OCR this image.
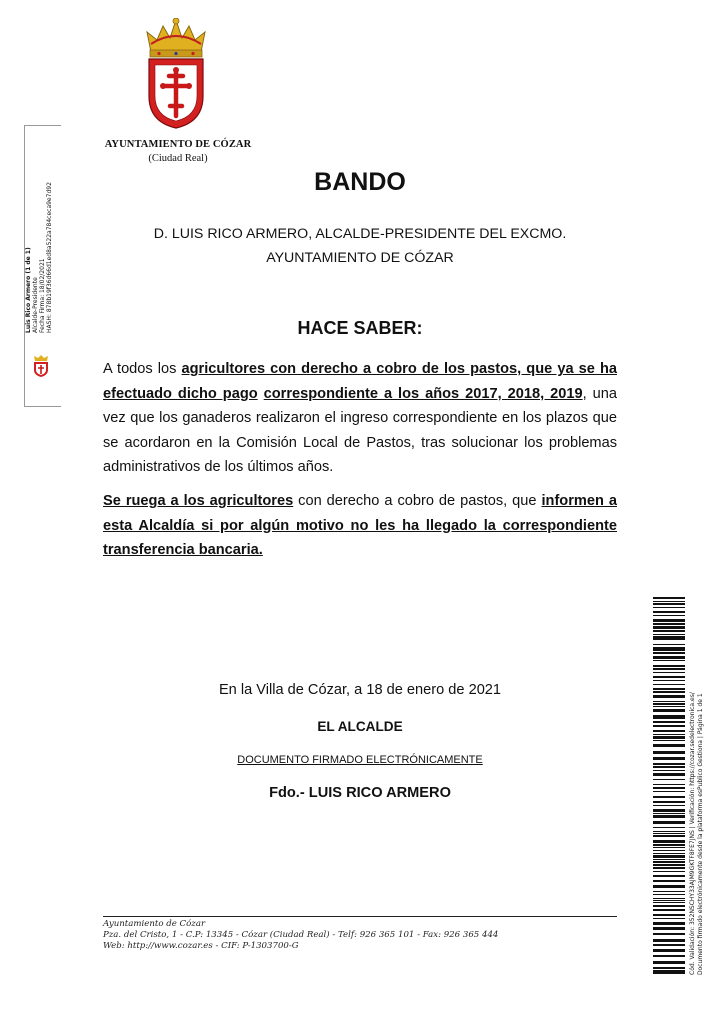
AYUNTAMIENTO DE CÓZAR
(Ciudad Real)
BANDO
D. LUIS RICO ARMERO, ALCALDE-PRESIDENTE DEL EXCMO. AYUNTAMIENTO DE CÓZAR
HACE SABER:
A todos los agricultores con derecho a cobro de los pastos, que ya se ha efectuado dicho pago correspondiente a los años 2017, 2018, 2019, una vez que los ganaderos realizaron el ingreso correspondiente en los plazos que se acordaron en la Comisión Local de Pastos, tras solucionar los problemas administrativos de los últimos años.
Se ruega a los agricultores con derecho a cobro de pastos, que informen a esta Alcaldía si por algún motivo no les ha llegado la correspondiente transferencia bancaria.
En la Villa de Cózar, a 18 de enero de 2021
EL ALCALDE
DOCUMENTO FIRMADO ELECTRÓNICAMENTE
Fdo.- LUIS RICO ARMERO
Ayuntamiento de Cózar
Pza. del Cristo, 1 - C.P: 13345 - Cózar (Ciudad Real) - Telf: 926 365 101 - Fax: 926 365 444
Web: http://www.cozar.es - CIF: P-1303700-G
Luis Rico Armero (1 de 1) Alcalde-Presidente Fecha Firma: 18/02/2021 HASH: 878b19f36d66d1ed8a522a784ceca9e7d92
Cód. Validación: 352NSCHY33AJM9GKTF8FE7JNS | Verificación: https://cozar.sedelectronica.es/ Documento firmado electrónicamente desde la plataforma esPublico Gestiona | Página 1 de 1
